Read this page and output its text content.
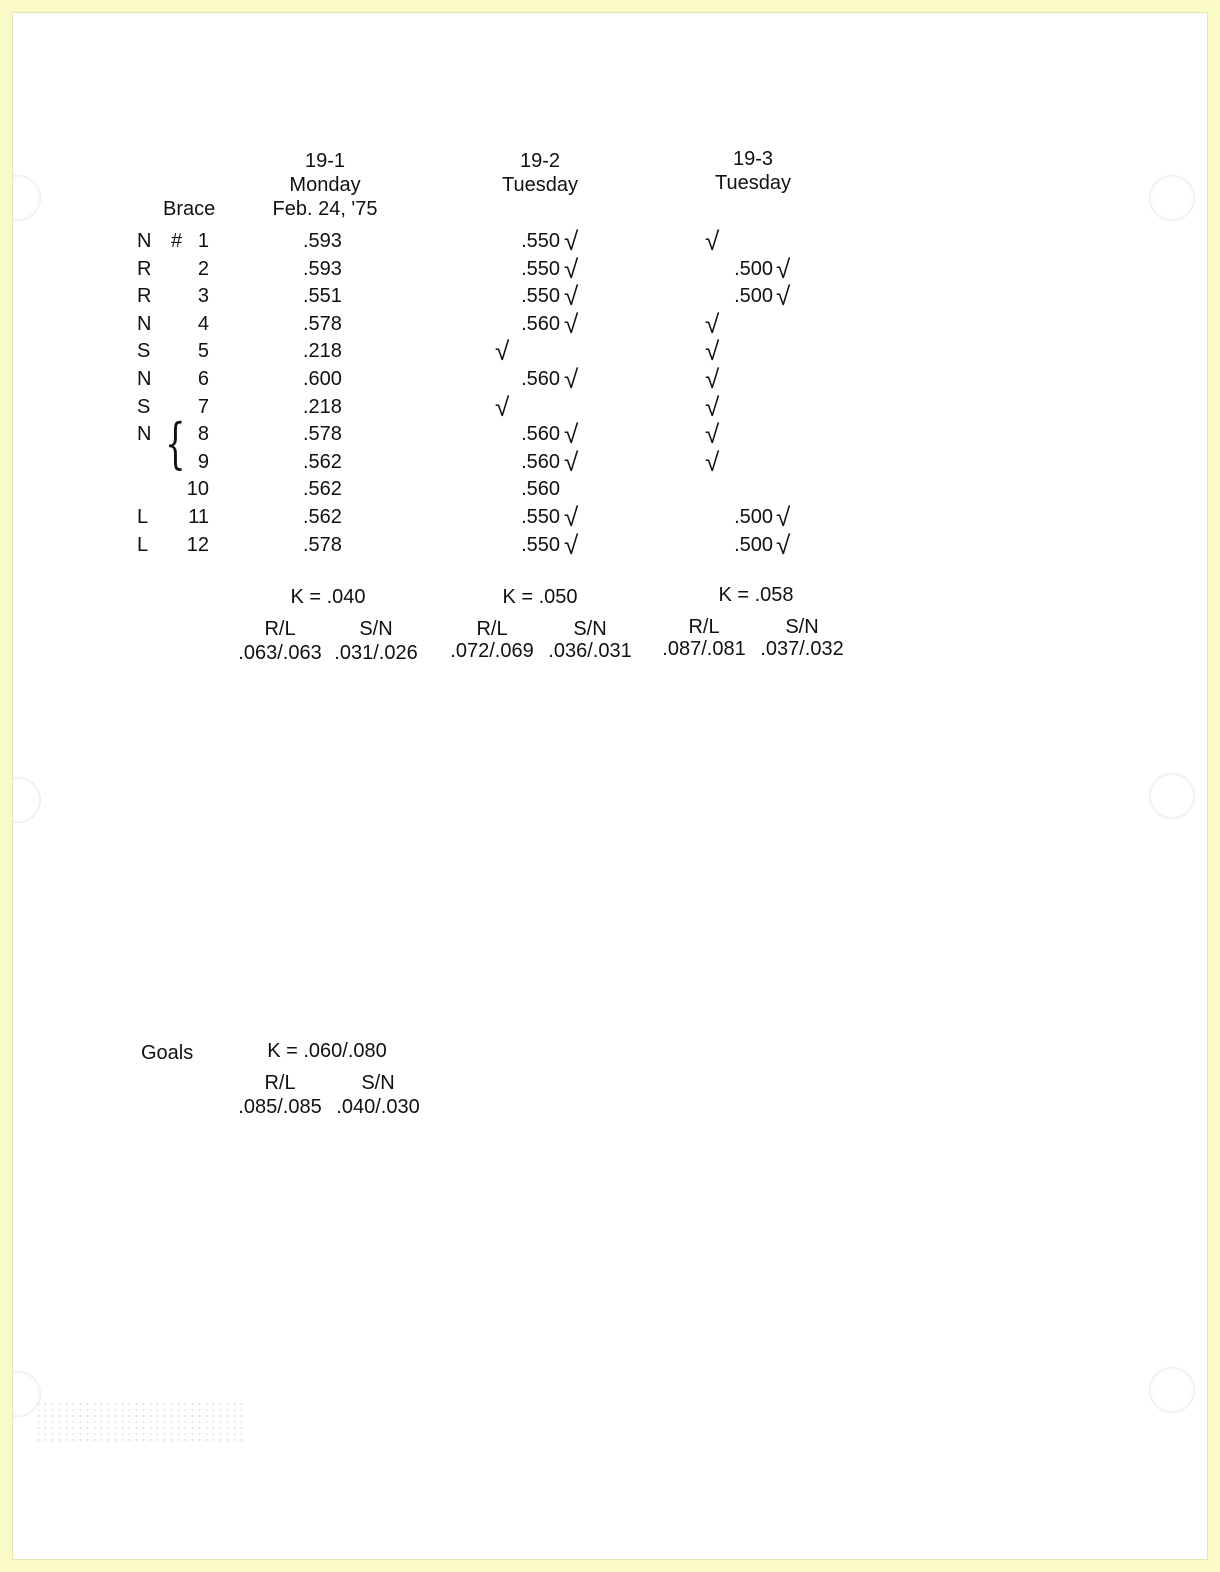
19-1
Monday
Feb. 24, '75
19-2
Tuesday
19-3
Tuesday
Brace
#
{
N	1	.593	.550 √	√
R	2	.593	.550 √	.500 √
R	3	.551	.550 √	.500 √
N	4	.578	.560 √	√
S	5	.218	√	√
N	6	.600	.560 √	√
S	7	.218	√	√
N	8	.578	.560 √	√
9	.562	.560 √	√
10	.562	.560
L	11	.562	.550 √	.500 √
L	12	.578	.550 √	.500 √
K = .040
R/L	S/N
.063/.063 .031/.026
K = .050
R/L	S/N
.072/.069 .036/.031
K = .058
R/L	S/N
.087/.081 .037/.032
Goals	K = .060/.080
R/L	S/N
.085/.085 .040/.030
